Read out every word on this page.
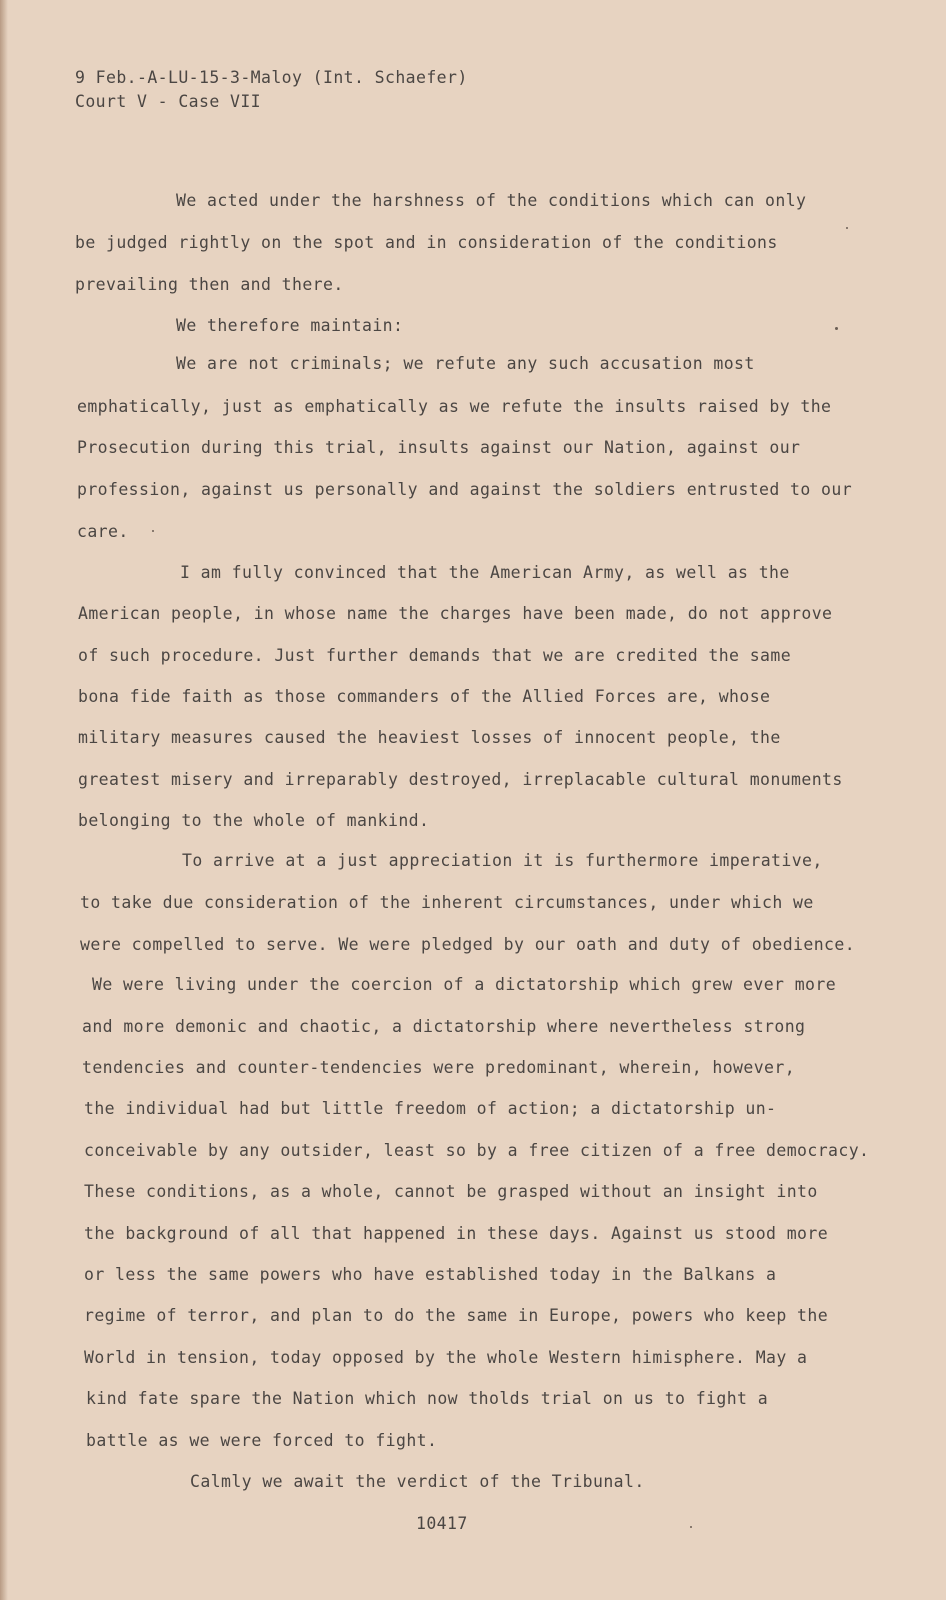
9 Feb.-A-LU-15-3-Maloy (Int. Schaefer)
Court V - Case VII
We acted under the harshness of the conditions which can only
be judged rightly on the spot and in consideration of the conditions
prevailing then and there.
We therefore maintain:
We are not criminals; we refute any such accusation most
emphatically, just as emphatically as we refute the insults raised by the
Prosecution during this trial, insults against our Nation, against our
profession, against us personally and against the soldiers entrusted to our
care.
I am fully convinced that the American Army, as well as the
American people, in whose name the charges have been made, do not approve
of such procedure. Just further demands that we are credited the same
bona fide faith as those commanders of the Allied Forces are, whose
military measures caused the heaviest losses of innocent people, the
greatest misery and irreparably destroyed, irreplacable cultural monuments
belonging to the whole of mankind.
To arrive at a just appreciation it is furthermore imperative,
to take due consideration of the inherent circumstances, under which we
were compelled to serve. We were pledged by our oath and duty of obedience.
We were living under the coercion of a dictatorship which grew ever more
and more demonic and chaotic, a dictatorship where nevertheless strong
tendencies and counter-tendencies were predominant, wherein, however,
the individual had but little freedom of action; a dictatorship un-
conceivable by any outsider, least so by a free citizen of a free democracy.
These conditions, as a whole, cannot be grasped without an insight into
the background of all that happened in these days. Against us stood more
or less the same powers who have established today in the Balkans a
regime of terror, and plan to do the same in Europe, powers who keep the
World in tension, today opposed by the whole Western himisphere. May a
kind fate spare the Nation which now tholds trial on us to fight a
battle as we were forced to fight.
Calmly we await the verdict of the Tribunal.
10417
